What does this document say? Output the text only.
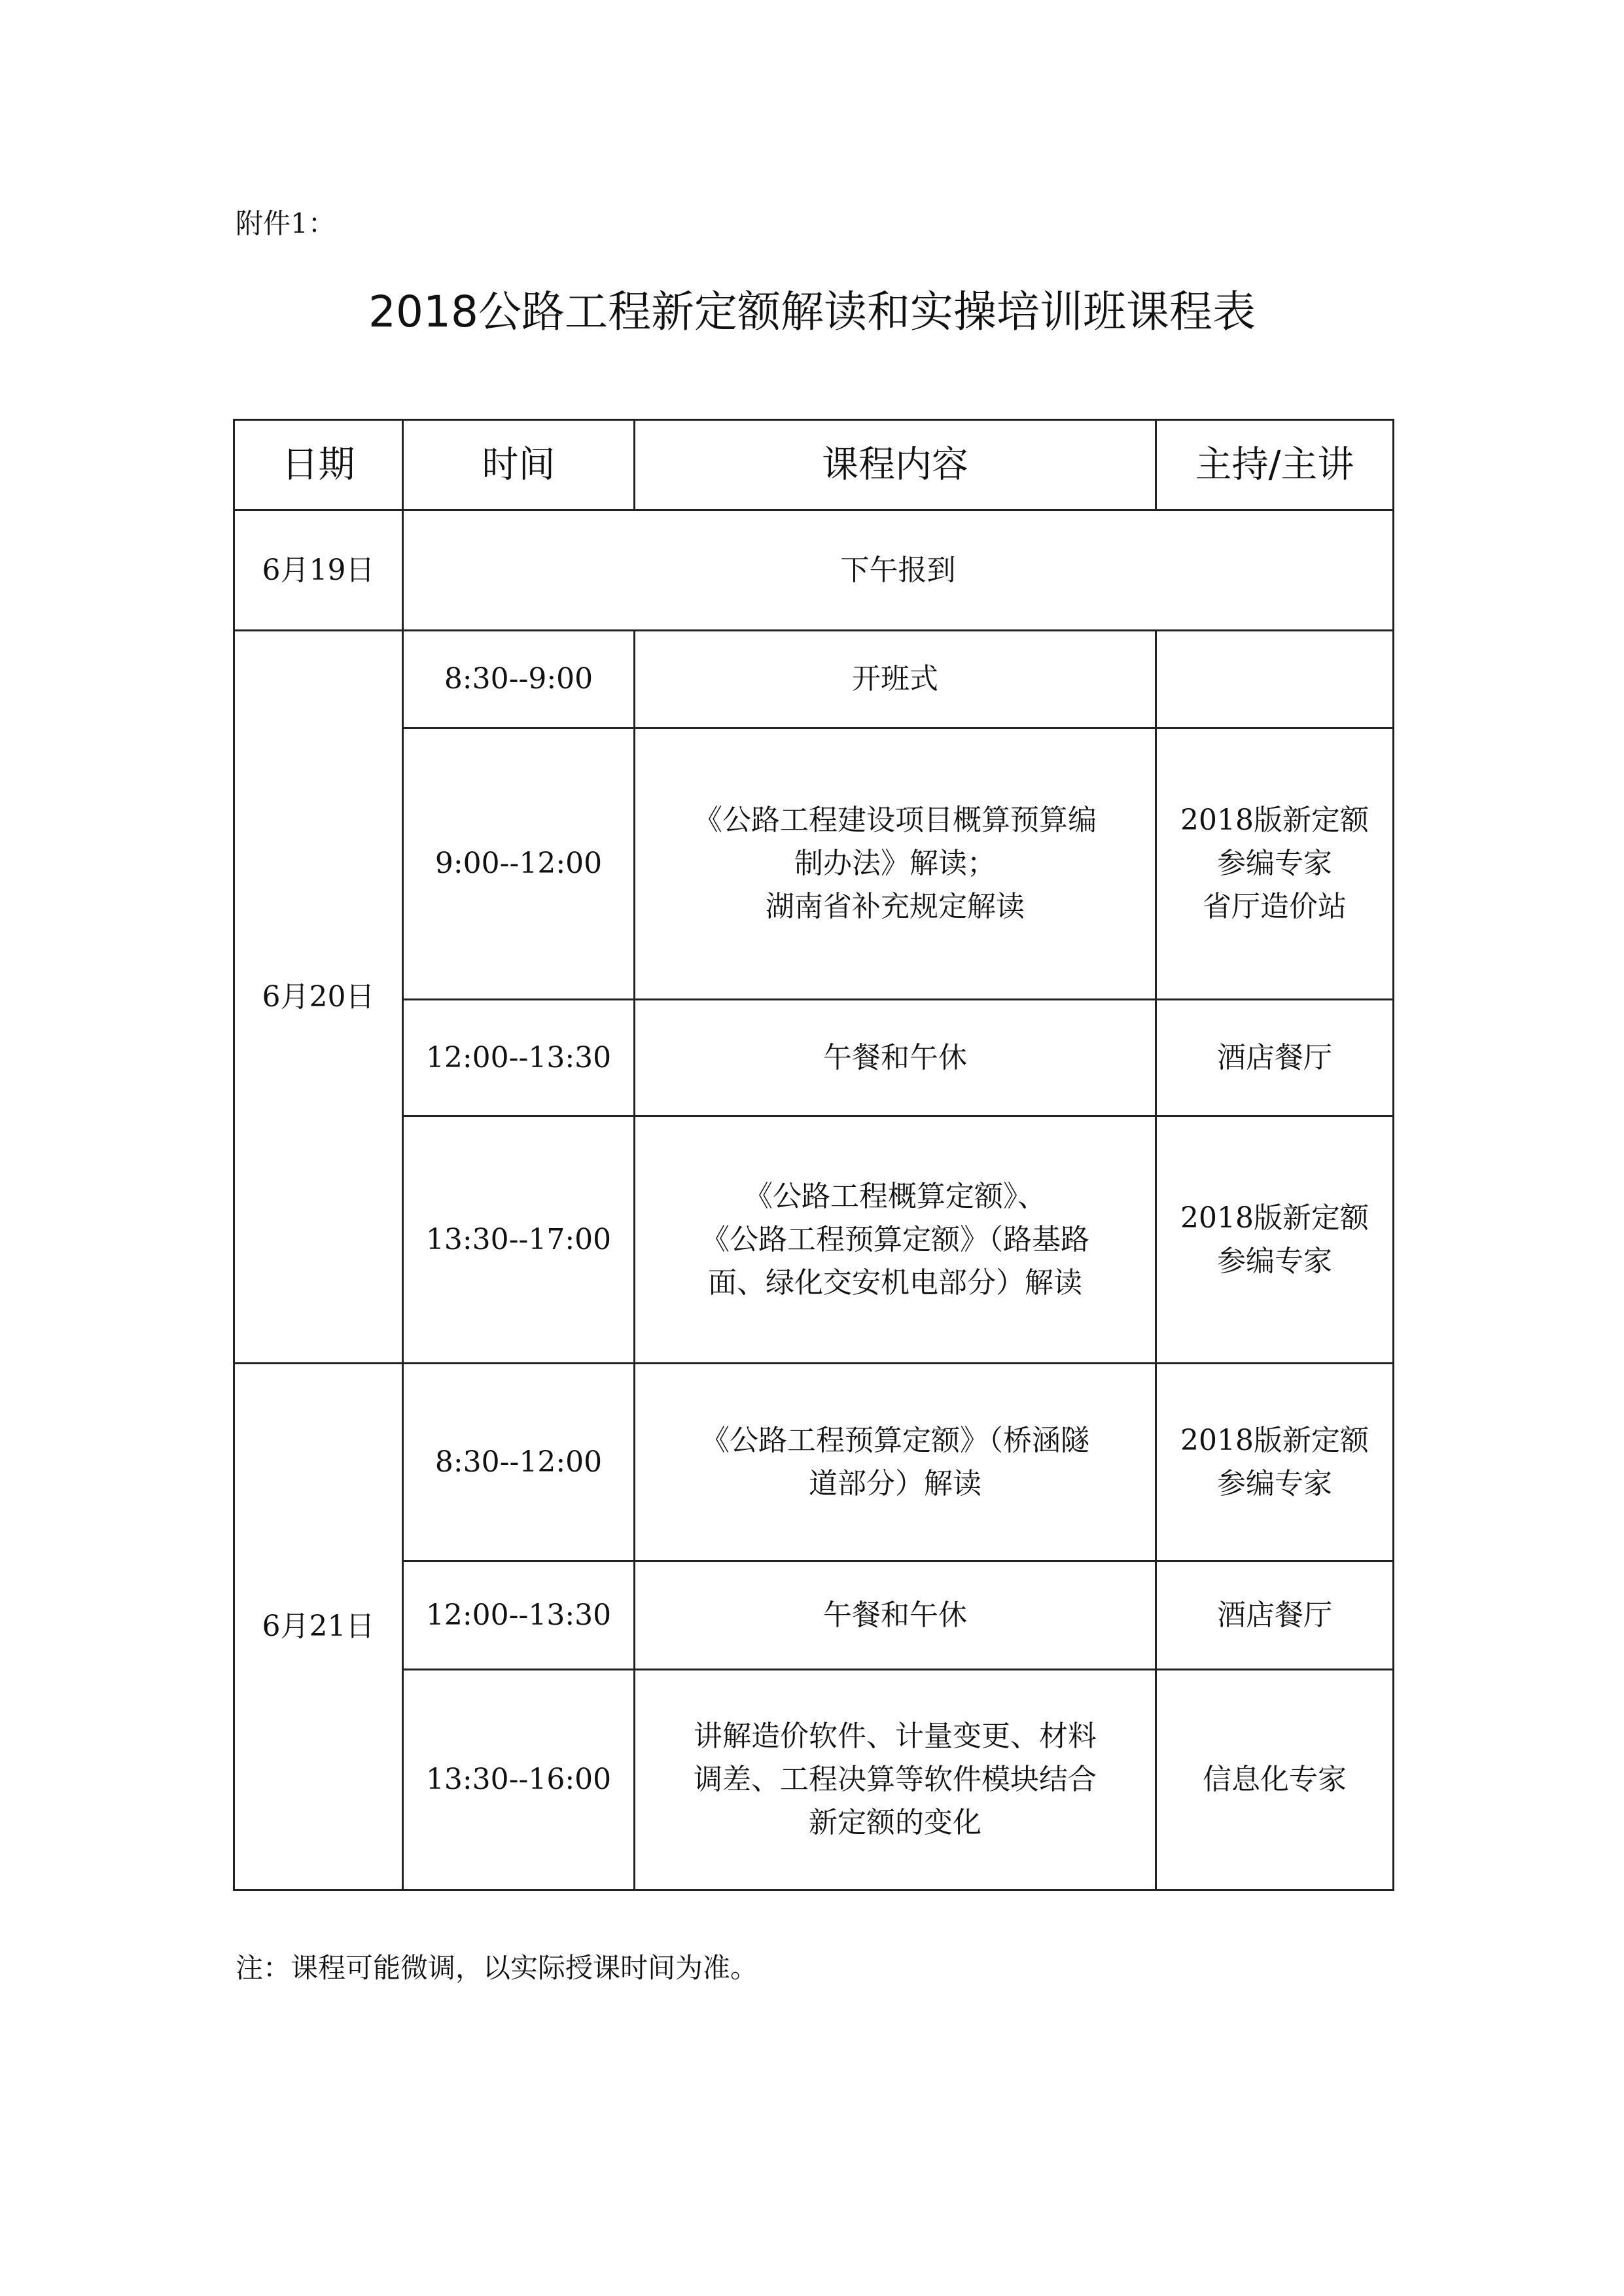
附件1：
2018公路工程新定额解读和实操培训班课程表
日期	时间	课程内容	主持/主讲
6月19日	下午报到		
6月20日	8:30--9:00	开班式	

	9:00--12:00	《公路工程建设项目概算预算编
制办法》解读；
湖南省补充规定解读	2018版新定额
参编专家
省厅造价站

	12:00--13:30	午餐和午休	酒店餐厅

	13:30--17:00	《公路工程概算定额》、
《公路工程预算定额》（路基路
面、绿化交安机电部分）解读	2018版新定额
参编专家

6月21日	8:30--12:00	《公路工程预算定额》（桥涵隧
道部分）解读	2018版新定额
参编专家

	12:00--13:30	午餐和午休	酒店餐厅

	13:30--16:00	讲解造价软件、计量变更、材料
调差、工程决算等软件模块结合
新定额的变化	信息化专家
注：课程可能微调，以实际授课时间为准。
